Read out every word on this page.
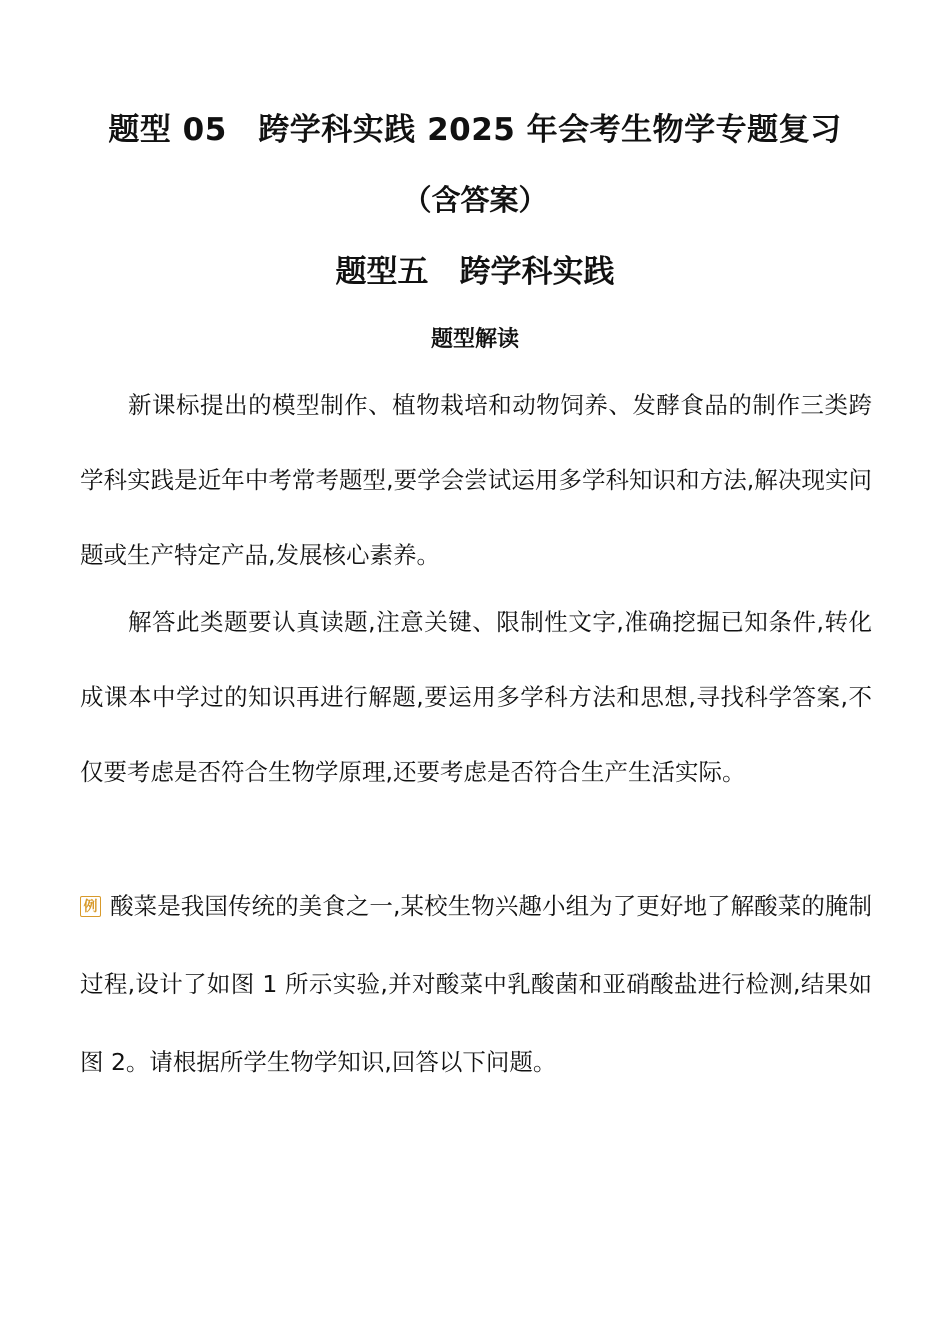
题型 05　跨学科实践 2025 年会考生物学专题复习
（含答案）
题型五　跨学科实践
题型解读

新课标提出的模型制作、植物栽培和动物饲养、发酵食品的制作三类跨学科实践是近年中考常考题型,要学会尝试运用多学科知识和方法,解决现实问题或生产特定产品,发展核心素养。

解答此类题要认真读题,注意关键、限制性文字,准确挖掘已知条件,转化成课本中学过的知识再进行解题,要运用多学科方法和思想,寻找科学答案,不仅要考虑是否符合生物学原理,还要考虑是否符合生产生活实际。

例 酸菜是我国传统的美食之一,某校生物兴趣小组为了更好地了解酸菜的腌制过程,设计了如图 1 所示实验,并对酸菜中乳酸菌和亚硝酸盐进行检测,结果如图 2。请根据所学生物学知识,回答以下问题。
